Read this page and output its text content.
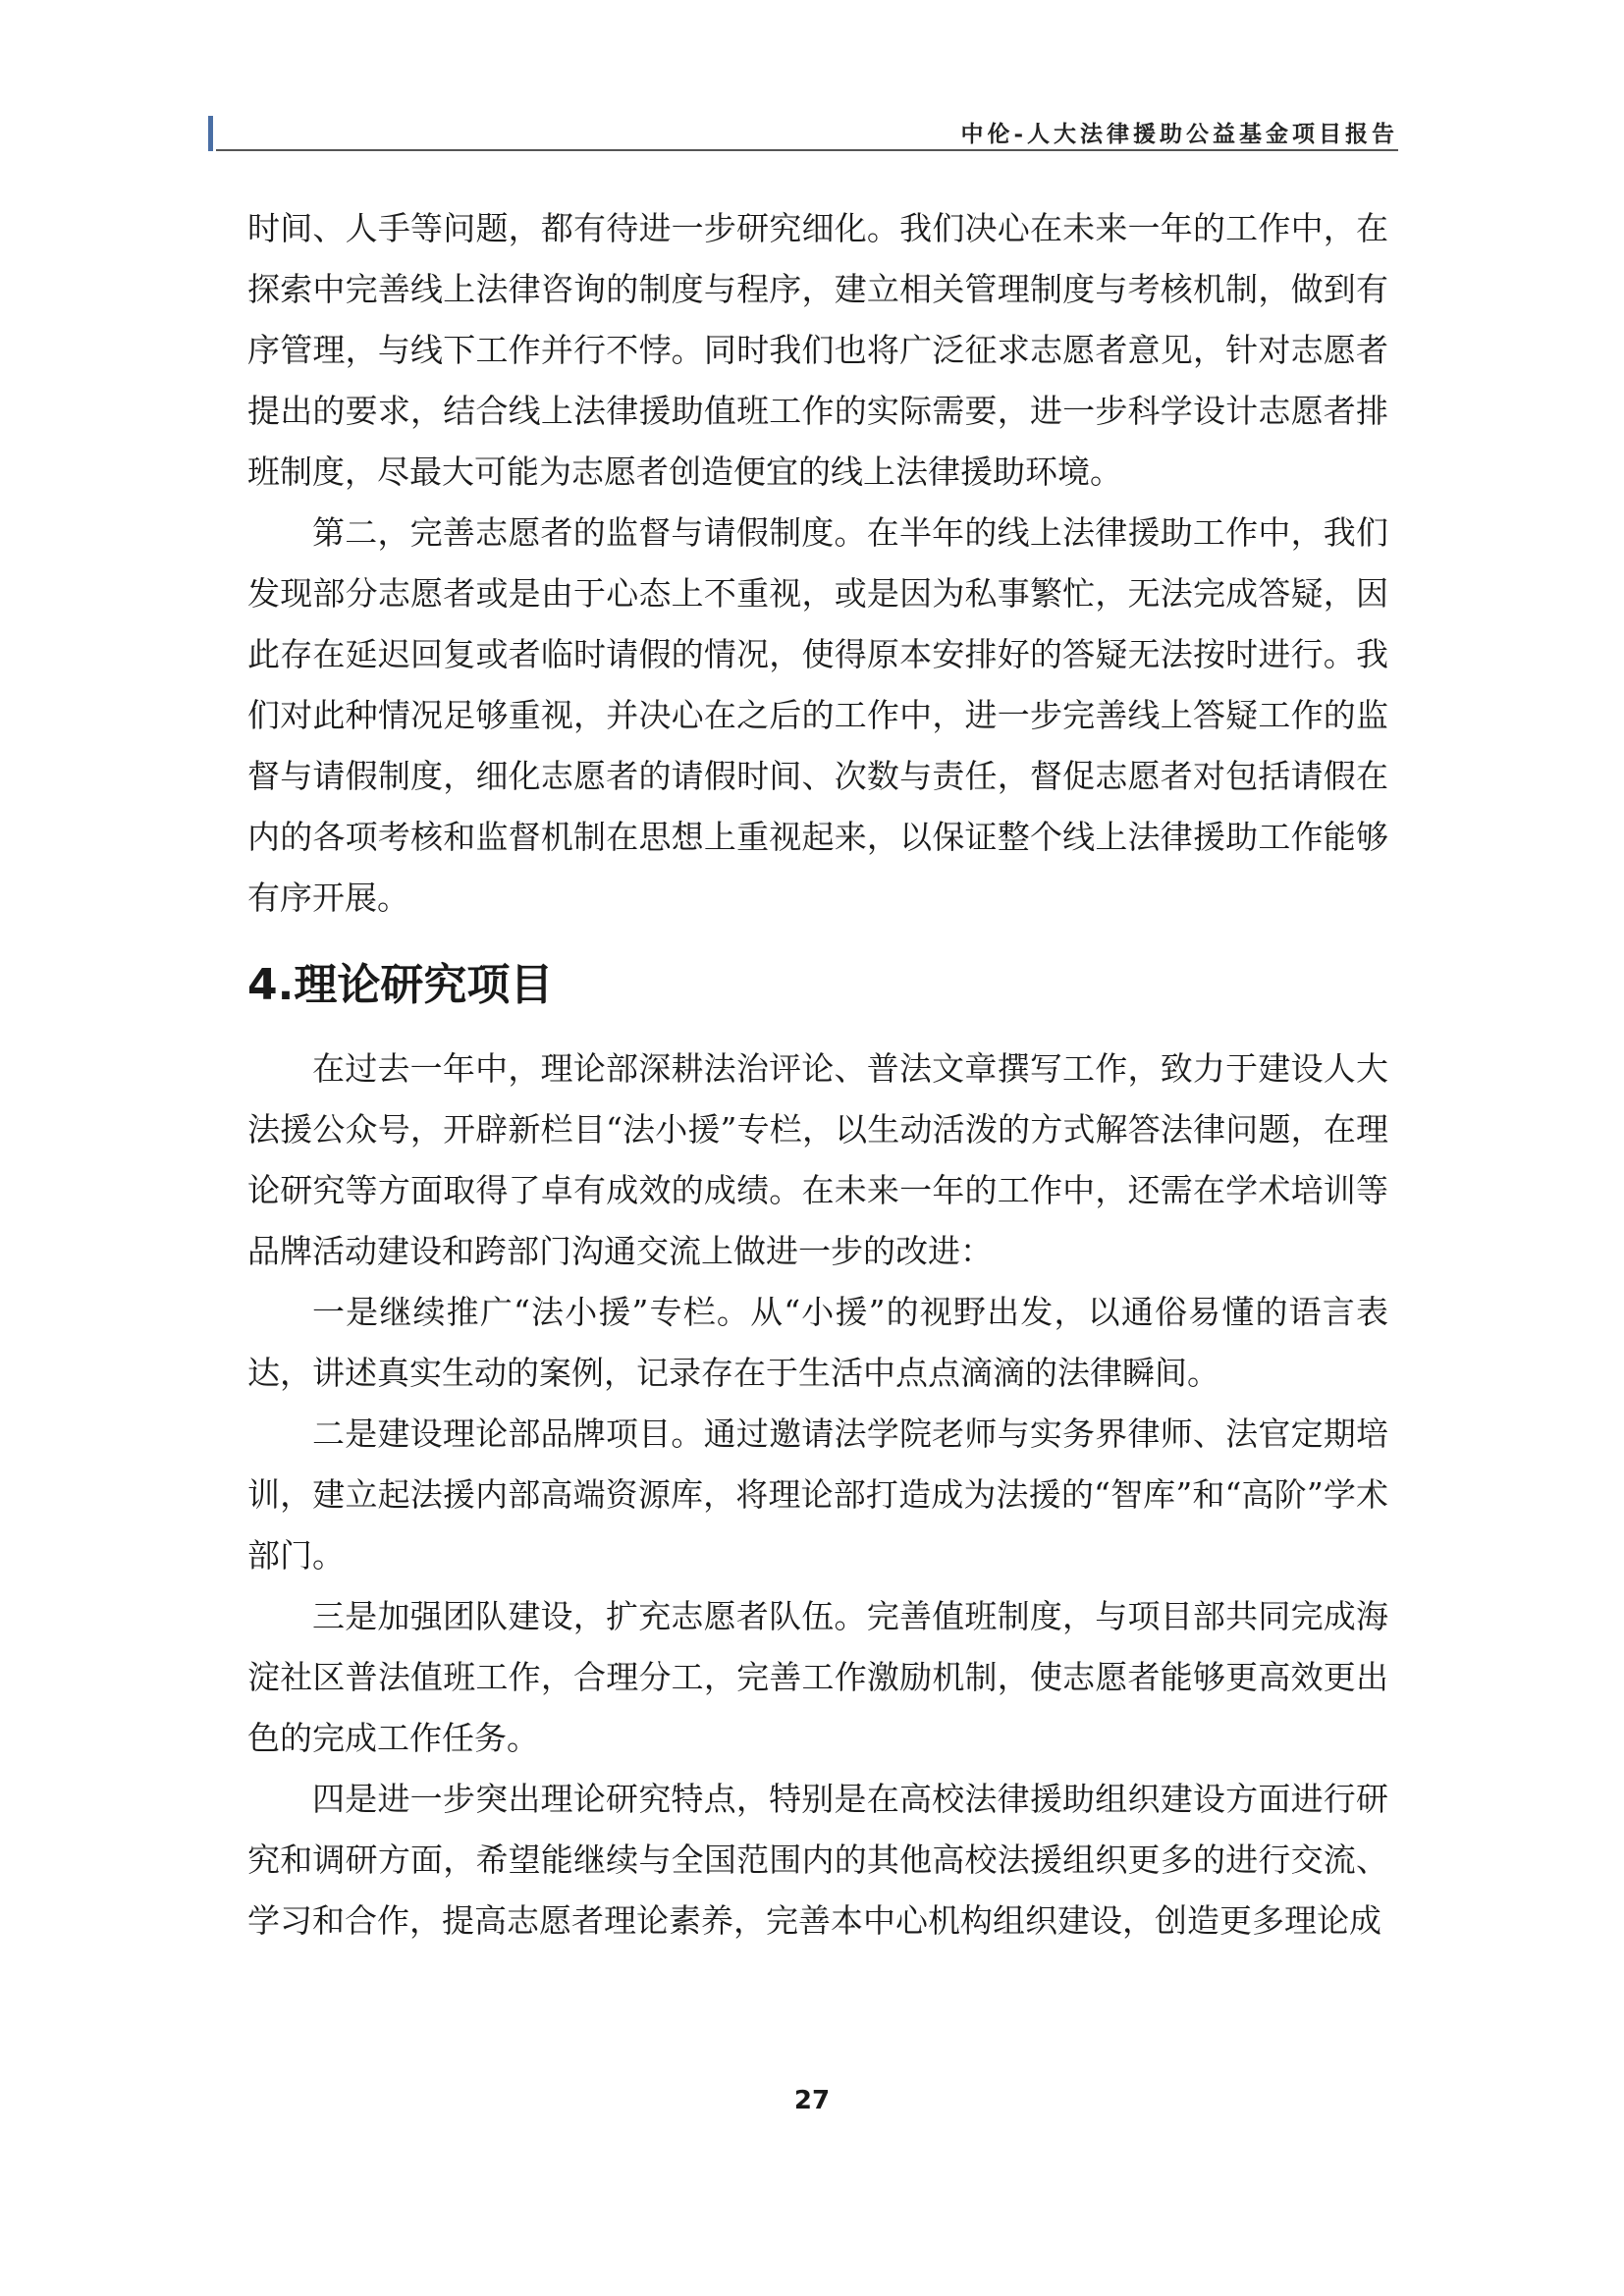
中伦-人大法律援助公益基金项目报告

时间、人手等问题，都有待进一步研究细化。我们决心在未来一年的工作中，在探索中完善线上法律咨询的制度与程序，建立相关管理制度与考核机制，做到有序管理，与线下工作并行不悖。同时我们也将广泛征求志愿者意见，针对志愿者提出的要求，结合线上法律援助值班工作的实际需要，进一步科学设计志愿者排班制度，尽最大可能为志愿者创造便宜的线上法律援助环境。

第二，完善志愿者的监督与请假制度。在半年的线上法律援助工作中，我们发现部分志愿者或是由于心态上不重视，或是因为私事繁忙，无法完成答疑，因此存在延迟回复或者临时请假的情况，使得原本安排好的答疑无法按时进行。我们对此种情况足够重视，并决心在之后的工作中，进一步完善线上答疑工作的监督与请假制度，细化志愿者的请假时间、次数与责任，督促志愿者对包括请假在内的各项考核和监督机制在思想上重视起来，以保证整个线上法律援助工作能够有序开展。

4.理论研究项目

在过去一年中，理论部深耕法治评论、普法文章撰写工作，致力于建设人大法援公众号，开辟新栏目“法小援”专栏，以生动活泼的方式解答法律问题，在理论研究等方面取得了卓有成效的成绩。在未来一年的工作中，还需在学术培训等品牌活动建设和跨部门沟通交流上做进一步的改进：

一是继续推广“法小援”专栏。从“小援”的视野出发，以通俗易懂的语言表达，讲述真实生动的案例，记录存在于生活中点点滴滴的法律瞬间。

二是建设理论部品牌项目。通过邀请法学院老师与实务界律师、法官定期培训，建立起法援内部高端资源库，将理论部打造成为法援的“智库”和“高阶”学术部门。

三是加强团队建设，扩充志愿者队伍。完善值班制度，与项目部共同完成海淀社区普法值班工作，合理分工，完善工作激励机制，使志愿者能够更高效更出色的完成工作任务。

四是进一步突出理论研究特点，特别是在高校法律援助组织建设方面进行研究和调研方面，希望能继续与全国范围内的其他高校法援组织更多的进行交流、学习和合作，提高志愿者理论素养，完善本中心机构组织建设，创造更多理论成

27
